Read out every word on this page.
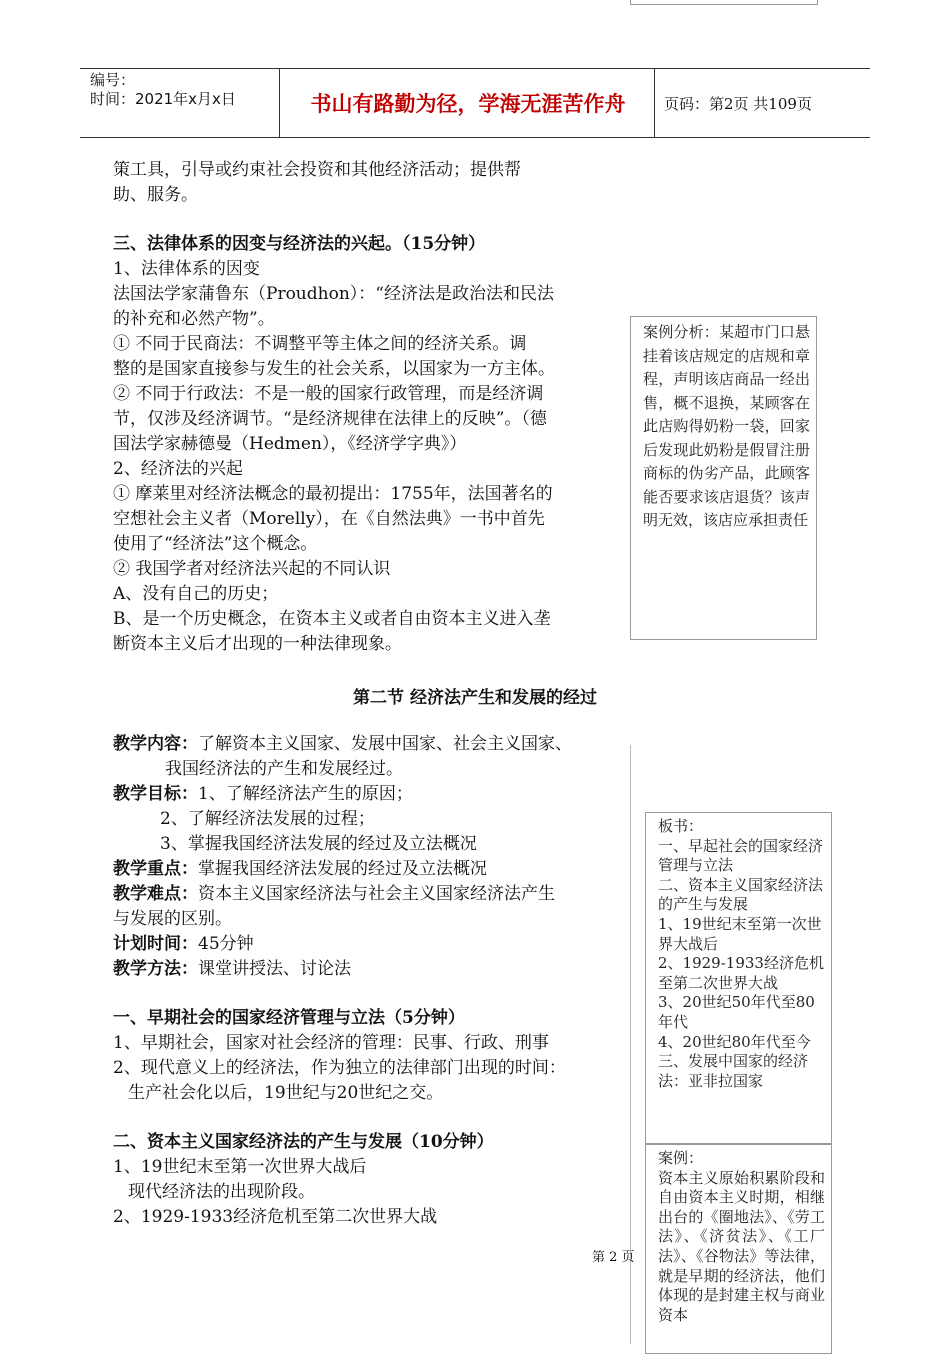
编号：
时间：2021年x月x日	书山有路勤为径，学海无涯苦作舟	页码：第2页 共109页
策工具，引导或约束社会投资和其他经济活动；提供帮
助、服务。
三、法律体系的因变与经济法的兴起。（15分钟）
1、法律体系的因变
法国法学家蒲鲁东（Proudhon）：“经济法是政治法和民法
的补充和必然产物”。
① 不同于民商法：不调整平等主体之间的经济关系。调
整的是国家直接参与发生的社会关系，以国家为一方主体。
② 不同于行政法：不是一般的国家行政管理，而是经济调
节，仅涉及经济调节。“是经济规律在法律上的反映”。（德
国法学家赫德曼（Hedmen），《经济学字典》）
2、经济法的兴起
① 摩莱里对经济法概念的最初提出：1755年，法国著名的
空想社会主义者（Morelly），在《自然法典》一书中首先
使用了“经济法”这个概念。
② 我国学者对经济法兴起的不同认识
A、没有自己的历史；
B、是一个历史概念，在资本主义或者自由资本主义进入垄
断资本主义后才出现的一种法律现象。
案例分析：某超市门口悬挂着该店规定的店规和章程，声明该店商品一经出售，概不退换，某顾客在此店购得奶粉一袋，回家后发现此奶粉是假冒注册商标的伪劣产品，此顾客能否要求该店退货？该声明无效，该店应承担责任
第二节 经济法产生和发展的经过
教学内容：了解资本主义国家、发展中国家、社会主义国家、
我国经济法的产生和发展经过。
教学目标：1、了解经济法产生的原因；
2、了解经济法发展的过程；
3、掌握我国经济法发展的经过及立法概况
教学重点：掌握我国经济法发展的经过及立法概况
教学难点：资本主义国家经济法与社会主义国家经济法产生
与发展的区别。
计划时间：45分钟
教学方法：课堂讲授法、讨论法
一、早期社会的国家经济管理与立法（5分钟）
1、早期社会，国家对社会经济的管理：民事、行政、刑事
2、现代意义上的经济法，作为独立的法律部门出现的时间：
生产社会化以后，19世纪与20世纪之交。
二、资本主义国家经济法的产生与发展（10分钟）
1、19世纪末至第一次世界大战后
现代经济法的出现阶段。
2、1929-1933经济危机至第二次世界大战
板书：
一、早起社会的国家经济管理与立法
二、资本主义国家经济法的产生与发展
1、19世纪末至第一次世界大战后
2、1929-1933经济危机至第二次世界大战
3、20世纪50年代至80年代
4、20世纪80年代至今
三、发展中国家的经济法：亚非拉国家
案例：
资本主义原始积累阶段和自由资本主义时期，相继出台的《圈地法》、《劳工法》、《济贫法》、《工厂法》、《谷物法》等法律，就是早期的经济法，他们体现的是封建主权与商业资本
第 2 页
